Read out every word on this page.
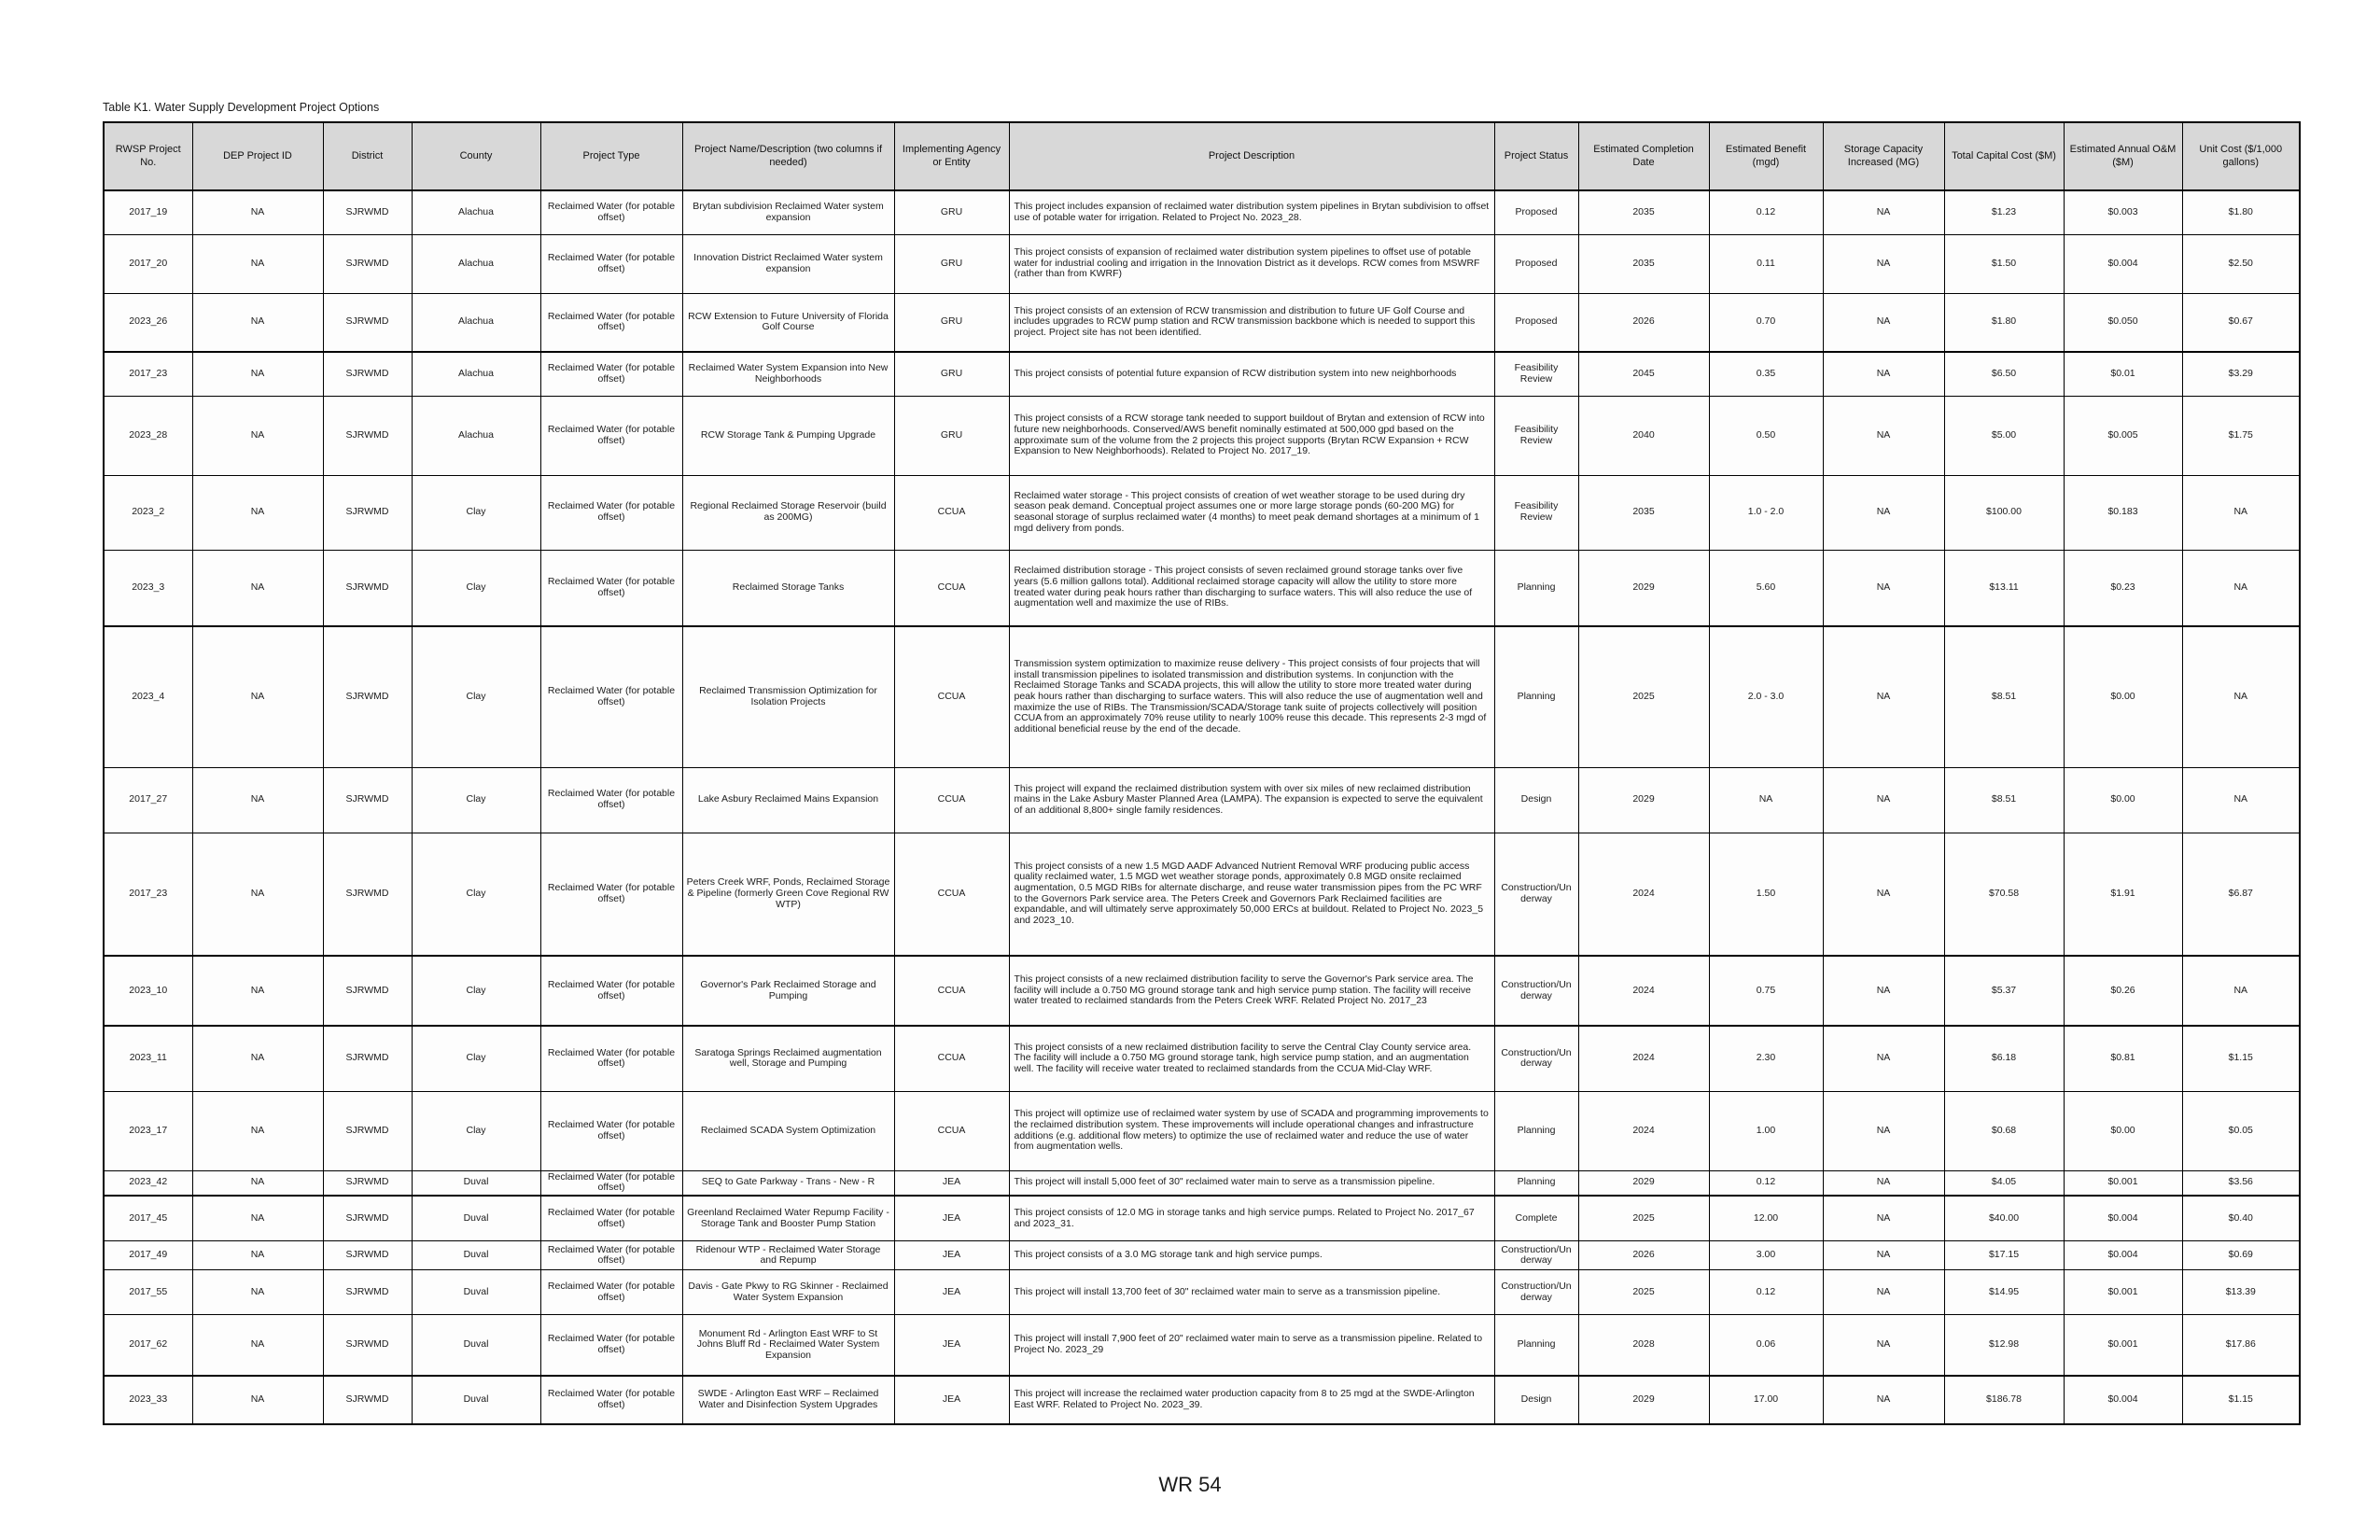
Table K1. Water Supply Development Project Options
RWSP Project No.	DEP Project ID	District	County	Project Type	Project Name/Description (two columns if needed)	Implementing Agency or Entity	Project Description	Project Status	Estimated Completion Date	Estimated Benefit (mgd)	Storage Capacity Increased (MG)	Total Capital Cost ($M)	Estimated Annual O&M ($M)	Unit Cost ($/1,000 gallons)
2017_19	NA	SJRWMD	Alachua	Reclaimed Water (for potable offset)	Brytan subdivision Reclaimed Water system expansion	GRU	This project includes expansion of reclaimed water distribution system pipelines in Brytan subdivision to offset use of potable water for irrigation. Related to Project No. 2023_28.	Proposed	2035	0.12	NA	$1.23	$0.003	$1.80
2017_20	NA	SJRWMD	Alachua	Reclaimed Water (for potable offset)	Innovation District Reclaimed Water system expansion	GRU	This project consists of expansion of reclaimed water distribution system pipelines to offset use of potable water for industrial cooling and irrigation in the Innovation District as it develops. RCW comes from MSWRF (rather than from KWRF)	Proposed	2035	0.11	NA	$1.50	$0.004	$2.50
2023_26	NA	SJRWMD	Alachua	Reclaimed Water (for potable offset)	RCW Extension to Future University of Florida Golf Course	GRU	This project consists of an extension of RCW transmission and distribution to future UF Golf Course and includes upgrades to RCW pump station and RCW transmission backbone which is needed to support this project. Project site has not been identified.	Proposed	2026	0.70	NA	$1.80	$0.050	$0.67
2017_23	NA	SJRWMD	Alachua	Reclaimed Water (for potable offset)	Reclaimed Water System Expansion into New Neighborhoods	GRU	This project consists of potential future expansion of RCW distribution system into new neighborhoods	Feasibility Review	2045	0.35	NA	$6.50	$0.01	$3.29
2023_28	NA	SJRWMD	Alachua	Reclaimed Water (for potable offset)	RCW Storage Tank & Pumping Upgrade	GRU	This project consists of a RCW storage tank needed to support buildout of Brytan and extension of RCW into future new neighborhoods. Conserved/AWS benefit nominally estimated at 500,000 gpd based on the approximate sum of the volume from the 2 projects this project supports (Brytan RCW Expansion + RCW Expansion to New Neighborhoods). Related to Project No. 2017_19.	Feasibility Review	2040	0.50	NA	$5.00	$0.005	$1.75
2023_2	NA	SJRWMD	Clay	Reclaimed Water (for potable offset)	Regional Reclaimed Storage Reservoir (build as 200MG)	CCUA	Reclaimed water storage - This project consists of creation of wet weather storage to be used during dry season peak demand. Conceptual project assumes one or more large storage ponds (60-200 MG) for seasonal storage of surplus reclaimed water (4 months) to meet peak demand shortages at a minimum of 1 mgd delivery from ponds.	Feasibility Review	2035	1.0 - 2.0	NA	$100.00	$0.183	NA
2023_3	NA	SJRWMD	Clay	Reclaimed Water (for potable offset)	Reclaimed Storage Tanks	CCUA	Reclaimed distribution storage - This project consists of seven reclaimed ground storage tanks over five years (5.6 million gallons total). Additional reclaimed storage capacity will allow the utility to store more treated water during peak hours rather than discharging to surface waters. This will also reduce the use of augmentation well and maximize the use of RIBs.	Planning	2029	5.60	NA	$13.11	$0.23	NA
2023_4	NA	SJRWMD	Clay	Reclaimed Water (for potable offset)	Reclaimed Transmission Optimization for Isolation Projects	CCUA	Transmission system optimization to maximize reuse delivery - This project consists of four projects that will install transmission pipelines to isolated transmission and distribution systems. In conjunction with the Reclaimed Storage Tanks and SCADA projects, this will allow the utility to store more treated water during peak hours rather than discharging to surface waters. This will also reduce the use of augmentation well and maximize the use of RIBs. The Transmission/SCADA/Storage tank suite of projects collectively will position CCUA from an approximately 70% reuse utility to nearly 100% reuse this decade. This represents 2-3 mgd of additional beneficial reuse by the end of the decade.	Planning	2025	2.0 - 3.0	NA	$8.51	$0.00	NA
2017_27	NA	SJRWMD	Clay	Reclaimed Water (for potable offset)	Lake Asbury Reclaimed Mains Expansion	CCUA	This project will expand the reclaimed distribution system with over six miles of new reclaimed distribution mains in the Lake Asbury Master Planned Area (LAMPA). The expansion is expected to serve the equivalent of an additional 8,800+ single family residences.	Design	2029	NA	NA	$8.51	$0.00	NA
2017_23	NA	SJRWMD	Clay	Reclaimed Water (for potable offset)	Peters Creek WRF, Ponds, Reclaimed Storage & Pipeline (formerly Green Cove Regional RW WTP)	CCUA	This project consists of a new 1.5 MGD AADF Advanced Nutrient Removal WRF producing public access quality reclaimed water, 1.5 MGD wet weather storage ponds, approximately 0.8 MGD onsite reclaimed augmentation, 0.5 MGD RIBs for alternate discharge, and reuse water transmission pipes from the PC WRF to the Governors Park service area. The Peters Creek and Governors Park Reclaimed facilities are expandable, and will ultimately serve approximately 50,000 ERCs at buildout. Related to Project No. 2023_5 and 2023_10.	Construction/Underway	2024	1.50	NA	$70.58	$1.91	$6.87
2023_10	NA	SJRWMD	Clay	Reclaimed Water (for potable offset)	Governor's Park Reclaimed Storage and Pumping	CCUA	This project consists of a new reclaimed distribution facility to serve the Governor's Park service area. The facility will include a 0.750 MG ground storage tank and high service pump station. The facility will receive water treated to reclaimed standards from the Peters Creek WRF. Related Project No. 2017_23	Construction/Underway	2024	0.75	NA	$5.37	$0.26	NA
2023_11	NA	SJRWMD	Clay	Reclaimed Water (for potable offset)	Saratoga Springs Reclaimed augmentation well, Storage and Pumping	CCUA	This project consists of a new reclaimed distribution facility to serve the Central Clay County service area. The facility will include a 0.750 MG ground storage tank, high service pump station, and an augmentation well. The facility will receive water treated to reclaimed standards from the CCUA Mid-Clay WRF.	Construction/Underway	2024	2.30	NA	$6.18	$0.81	$1.15
2023_17	NA	SJRWMD	Clay	Reclaimed Water (for potable offset)	Reclaimed SCADA System Optimization	CCUA	This project will optimize use of reclaimed water system by use of SCADA and programming improvements to the reclaimed distribution system. These improvements will include operational changes and infrastructure additions (e.g. additional flow meters) to optimize the use of reclaimed water and reduce the use of water from augmentation wells.	Planning	2024	1.00	NA	$0.68	$0.00	$0.05
2023_42	NA	SJRWMD	Duval	Reclaimed Water (for potable offset)	SEQ to Gate Parkway - Trans - New - R	JEA	This project will install 5,000 feet of 30" reclaimed water main to serve as a transmission pipeline.	Planning	2029	0.12	NA	$4.05	$0.001	$3.56
2017_45	NA	SJRWMD	Duval	Reclaimed Water (for potable offset)	Greenland Reclaimed Water Repump Facility - Storage Tank and Booster Pump Station	JEA	This project consists of 12.0 MG in storage tanks and high service pumps. Related to Project No. 2017_67 and 2023_31.	Complete	2025	12.00	NA	$40.00	$0.004	$0.40
2017_49	NA	SJRWMD	Duval	Reclaimed Water (for potable offset)	Ridenour WTP - Reclaimed Water Storage and Repump	JEA	This project consists of a 3.0 MG storage tank and high service pumps.	Construction/Underway	2026	3.00	NA	$17.15	$0.004	$0.69
2017_55	NA	SJRWMD	Duval	Reclaimed Water (for potable offset)	Davis - Gate Pkwy to RG Skinner - Reclaimed Water System Expansion	JEA	This project will install 13,700 feet of 30" reclaimed water main to serve as a transmission pipeline.	Construction/Underway	2025	0.12	NA	$14.95	$0.001	$13.39
2017_62	NA	SJRWMD	Duval	Reclaimed Water (for potable offset)	Monument Rd - Arlington East WRF to St Johns Bluff Rd - Reclaimed Water System Expansion	JEA	This project will install 7,900 feet of 20" reclaimed water main to serve as a transmission pipeline. Related to Project No. 2023_29	Planning	2028	0.06	NA	$12.98	$0.001	$17.86
2023_33	NA	SJRWMD	Duval	Reclaimed Water (for potable offset)	SWDE - Arlington East WRF – Reclaimed Water and Disinfection System Upgrades	JEA	This project will increase the reclaimed water production capacity from 8 to 25 mgd at the SWDE-Arlington East WRF. Related to Project No. 2023_39.	Design	2029	17.00	NA	$186.78	$0.004	$1.15
WR 54
